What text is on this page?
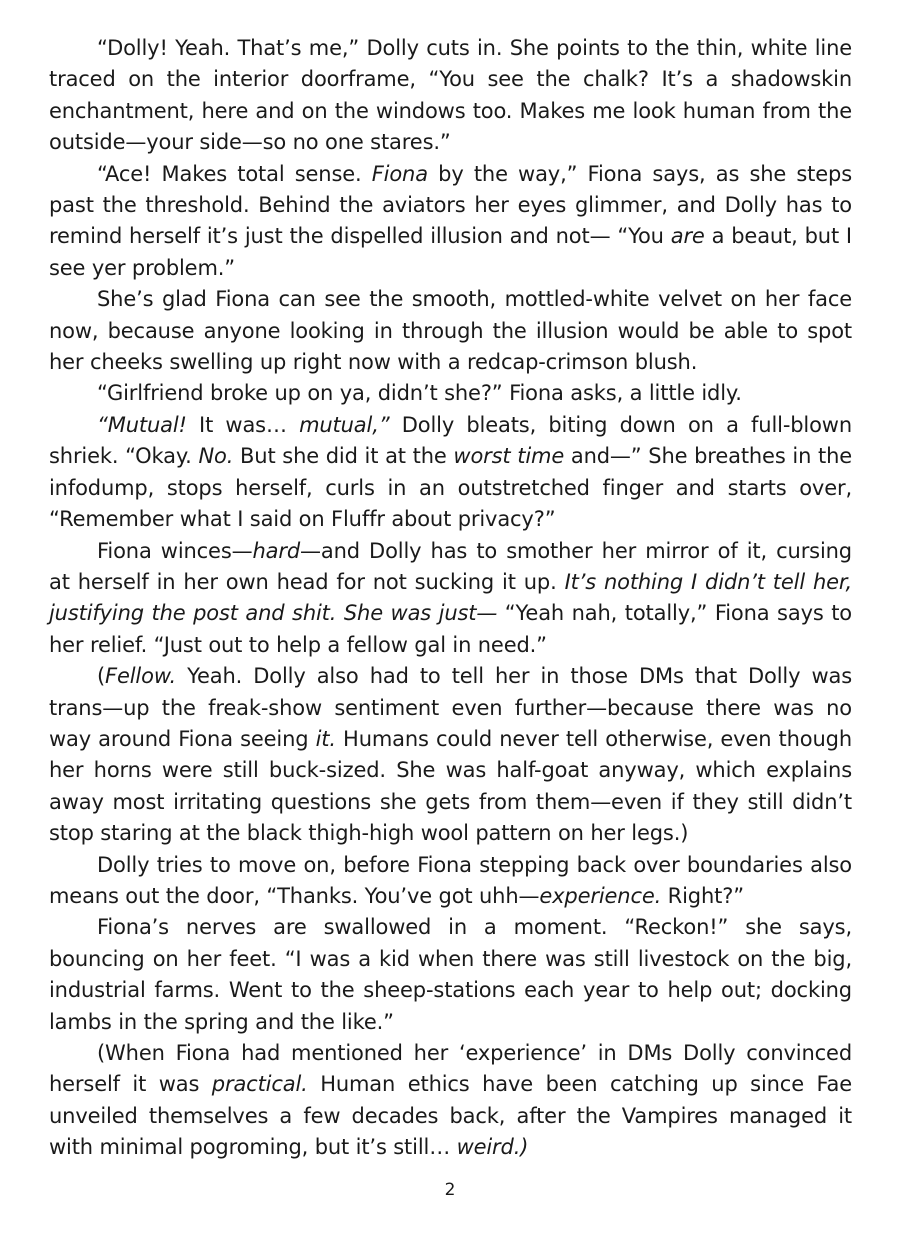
“Dolly! Yeah. That’s me,” Dolly cuts in. She points to the thin, white line traced on the interior doorframe, “You see the chalk? It’s a shadowskin enchantment, here and on the windows too. Makes me look human from the outside—your side—so no one stares.”

“Ace! Makes total sense. Fiona by the way,” Fiona says, as she steps past the threshold. Behind the aviators her eyes glimmer, and Dolly has to remind herself it’s just the dispelled illusion and not— “You are a beaut, but I see yer problem.”

She’s glad Fiona can see the smooth, mottled-white velvet on her face now, because anyone looking in through the illusion would be able to spot her cheeks swelling up right now with a redcap-crimson blush.

“Girlfriend broke up on ya, didn’t she?” Fiona asks, a little idly.

“Mutual! It was… mutual,” Dolly bleats, biting down on a full-blown shriek. “Okay. No. But she did it at the worst time and—” She breathes in the infodump, stops herself, curls in an outstretched finger and starts over, “Remember what I said on Fluffr about privacy?”

Fiona winces—hard—and Dolly has to smother her mirror of it, cursing at herself in her own head for not sucking it up. It’s nothing I didn’t tell her, justifying the post and shit. She was just— “Yeah nah, totally,” Fiona says to her relief. “Just out to help a fellow gal in need.”

(Fellow. Yeah. Dolly also had to tell her in those DMs that Dolly was trans—up the freak-show sentiment even further—because there was no way around Fiona seeing it. Humans could never tell otherwise, even though her horns were still buck-sized. She was half-goat anyway, which explains away most irritating questions she gets from them—even if they still didn’t stop staring at the black thigh-high wool pattern on her legs.)

Dolly tries to move on, before Fiona stepping back over boundaries also means out the door, “Thanks. You’ve got uhh—experience. Right?”

Fiona’s nerves are swallowed in a moment. “Reckon!” she says, bouncing on her feet. “I was a kid when there was still livestock on the big, industrial farms. Went to the sheep-stations each year to help out; docking lambs in the spring and the like.”

(When Fiona had mentioned her ‘experience’ in DMs Dolly convinced herself it was practical. Human ethics have been catching up since Fae unveiled themselves a few decades back, after the Vampires managed it with minimal pogroming, but it’s still… weird.)

2
